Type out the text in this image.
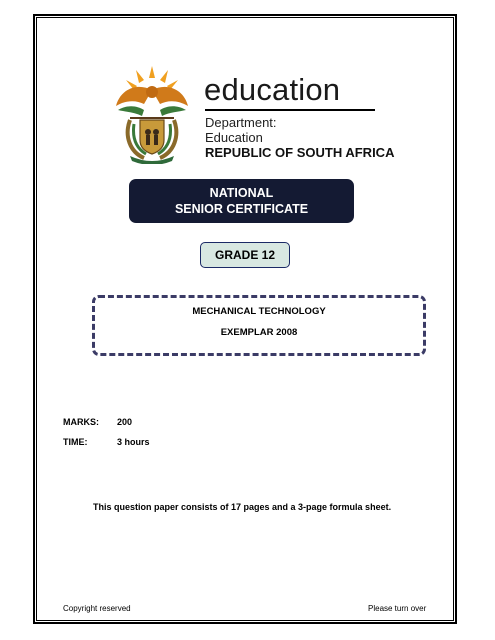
education
Department:
Education
REPUBLIC OF SOUTH AFRICA
NATIONAL
SENIOR CERTIFICATE
GRADE 12
MECHANICAL TECHNOLOGY
EXEMPLAR 2008
MARKS: 200
TIME:	3 hours
This question paper consists of 17 pages and a 3-page formula sheet.
Copyright reserved	Please turn over
